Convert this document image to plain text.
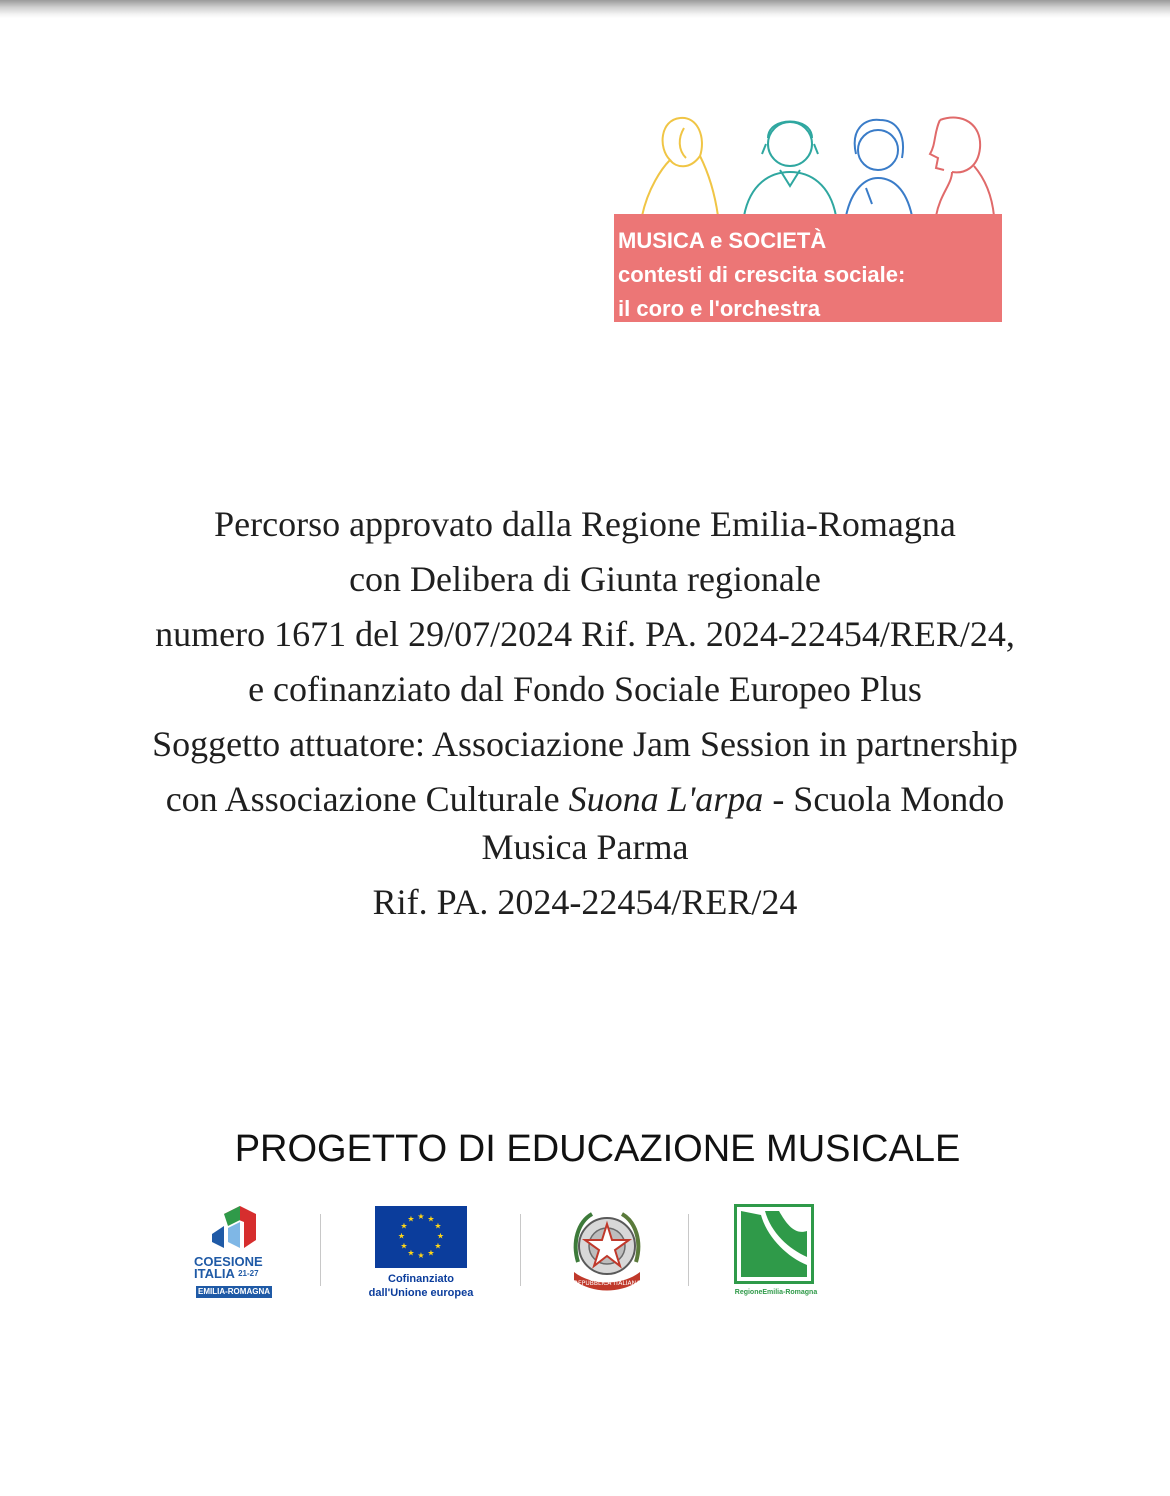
MUSICA e SOCIETÀ
contesti di crescita sociale:
il coro e l'orchestra

Percorso approvato dalla Regione Emilia-Romagna

con Delibera di Giunta regionale

numero 1671 del 29/07/2024 Rif. PA. 2024-22454/RER/24,

e cofinanziato dal Fondo Sociale Europeo Plus

Soggetto attuatore: Associazione Jam Session in partnership

con Associazione Culturale Suona L'arpa - Scuola Mondo Musica Parma

Rif. PA. 2024-22454/RER/24

PROGETTO DI EDUCAZIONE MUSICALE
COESIONE
ITALIA $^{21-27}$
EMILIA-ROMAGNA
★ ★
★
★
★
★
★
★
★
★
★
★
Cofinanziato
dall'Unione europea
REPUBBLICA ITALIANA
RegioneEmilia-Romagna
